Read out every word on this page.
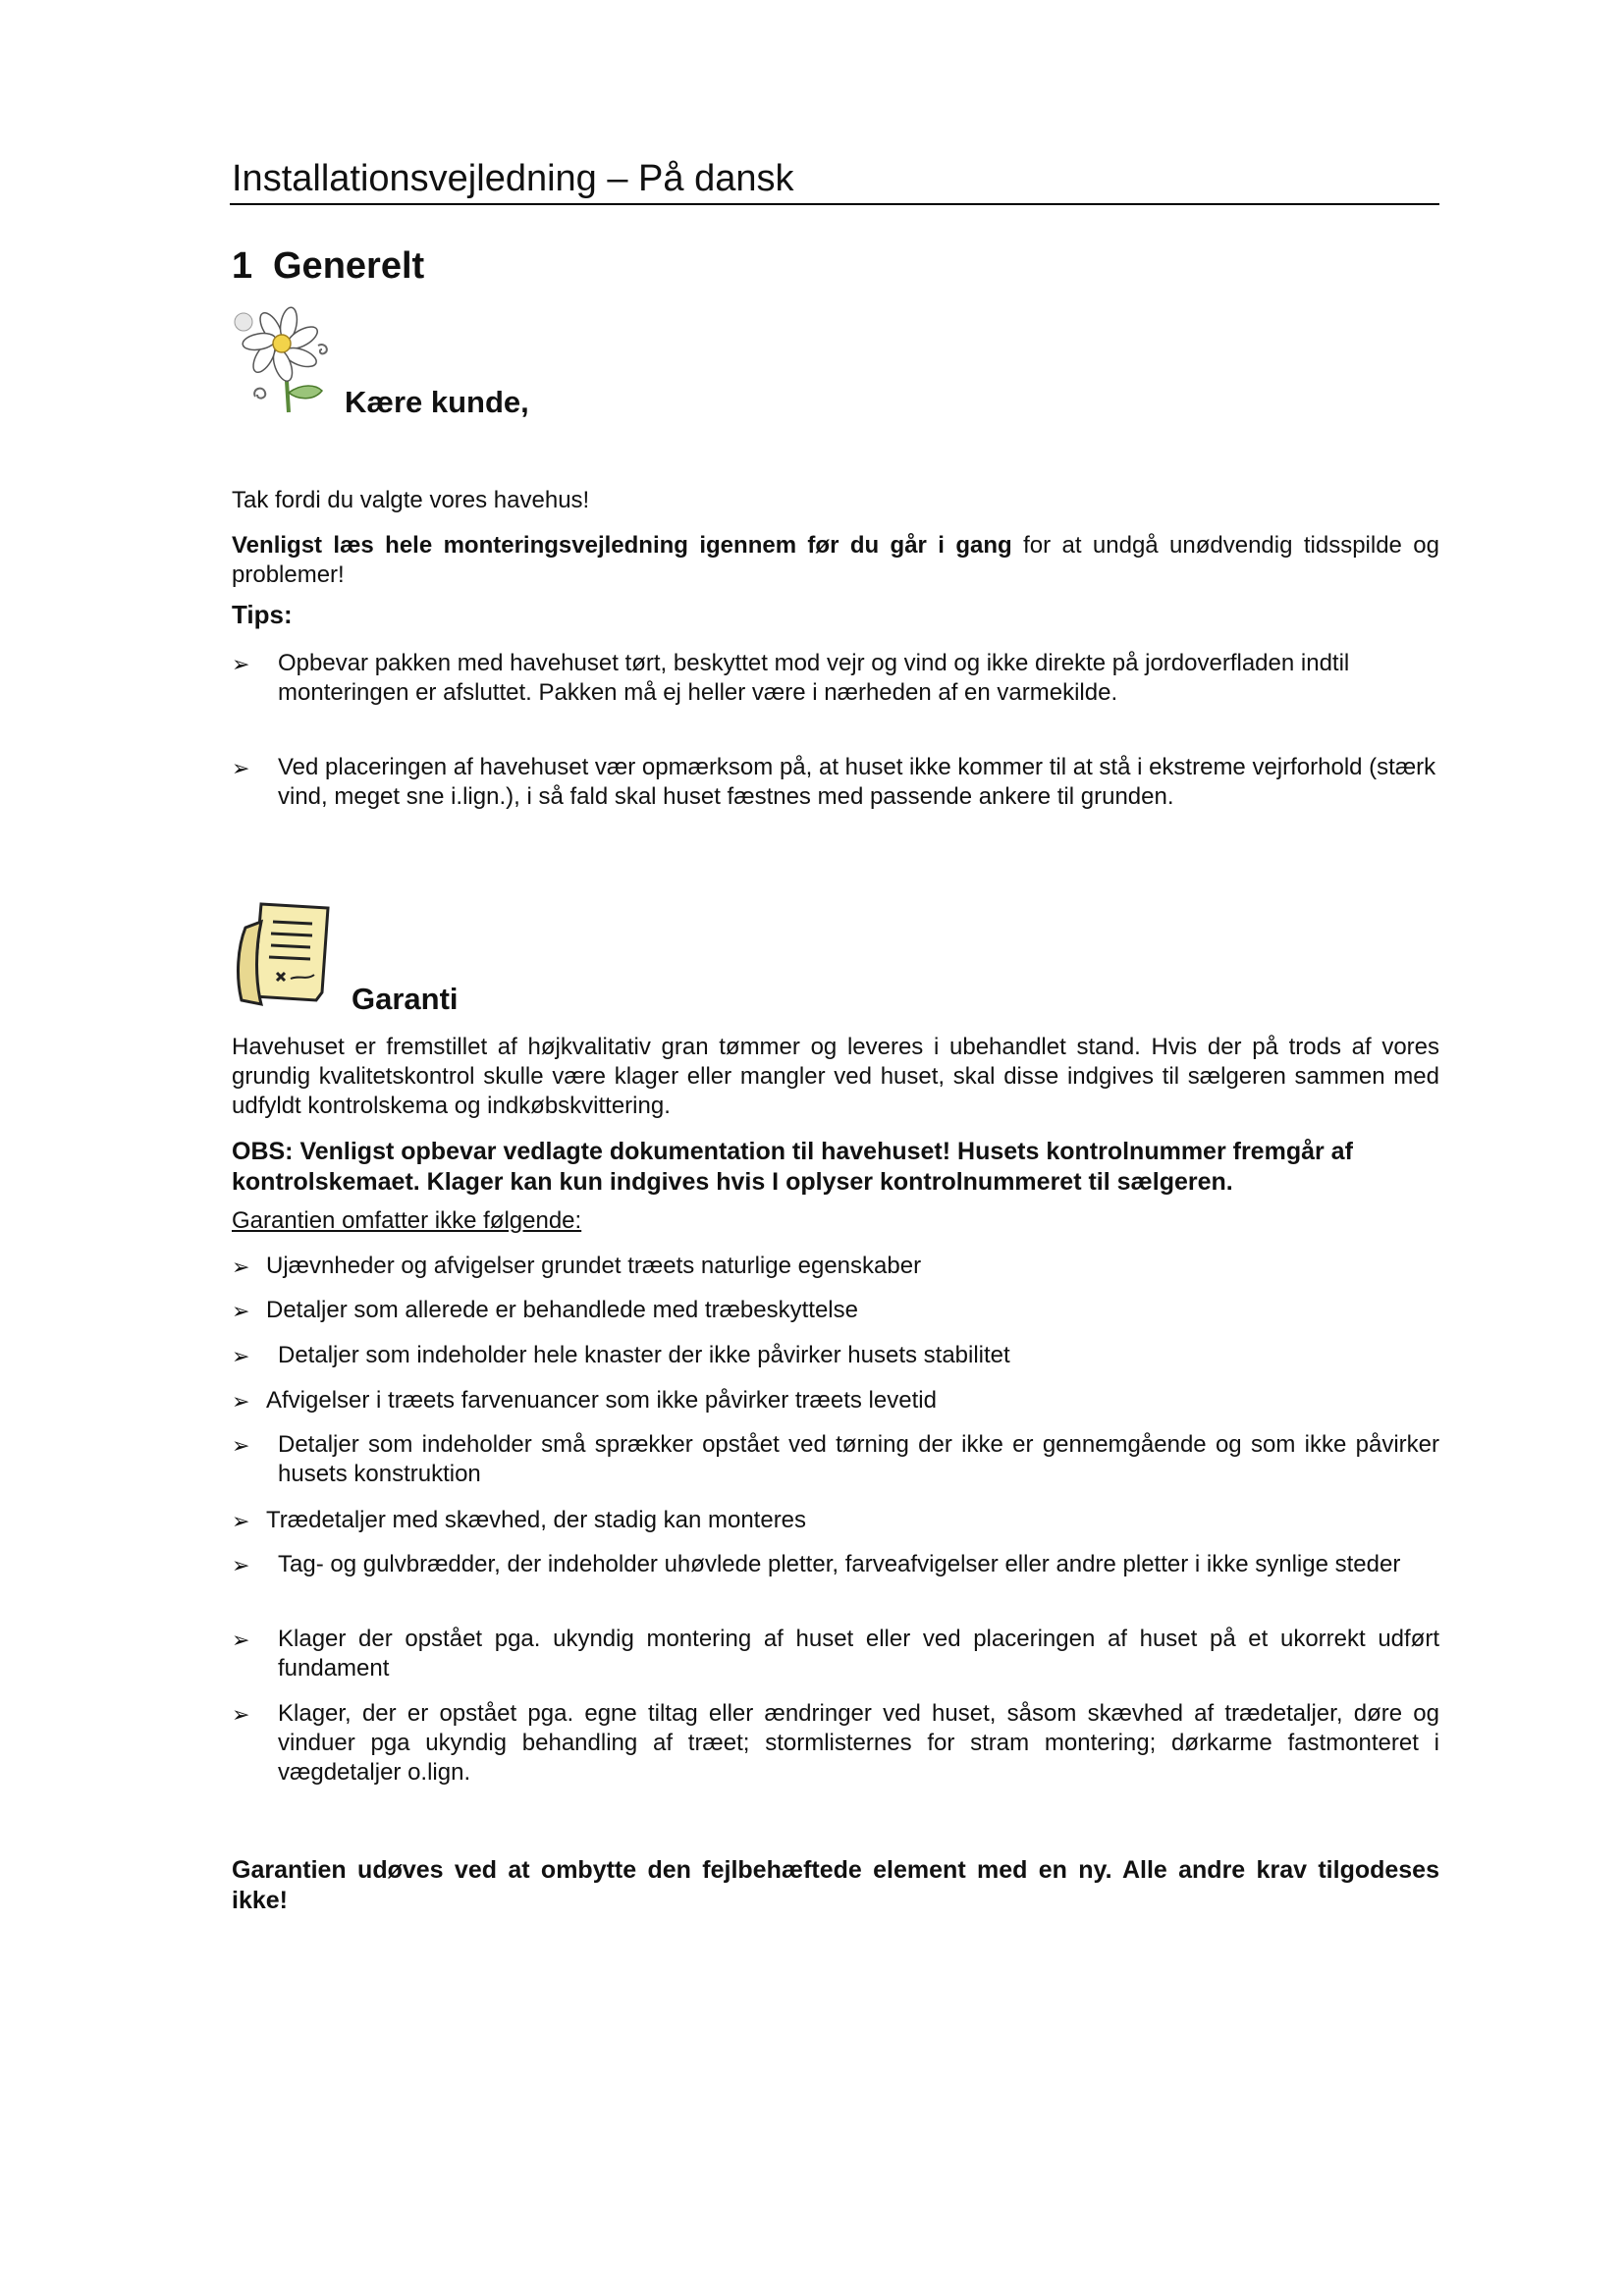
Installationsvejledning – På dansk
1 Generelt
Kære kunde,

Tak fordi du valgte vores havehus!

Venligst læs hele monteringsvejledning igennem før du går i gang for at undgå unødvendig tidsspilde og problemer!

Tips:
➢ Opbevar pakken med havehuset tørt, beskyttet mod vejr og vind og ikke direkte på jordoverfladen indtil monteringen er afsluttet. Pakken må ej heller være i nærheden af en varmekilde.

➢ Ved placeringen af havehuset vær opmærksom på, at huset ikke kommer til at stå i ekstreme vejrforhold (stærk vind, meget sne i.lign.), i så fald skal huset fæstnes med passende ankere til grunden.

Garanti

Havehuset er fremstillet af højkvalitativ gran tømmer og leveres i ubehandlet stand. Hvis der på trods af vores grundig kvalitetskontrol skulle være klager eller mangler ved huset, skal disse indgives til sælgeren sammen med udfyldt kontrolskema og indkøbskvittering.

OBS: Venligst opbevar vedlagte dokumentation til havehuset! Husets kontrolnummer fremgår af kontrolskemaet. Klager kan kun indgives hvis I oplyser kontrolnummeret til sælgeren.

Garantien omfatter ikke følgende:
➢ Ujævnheder og afvigelser grundet træets naturlige egenskaber

➢ Detaljer som allerede er behandlede med træbeskyttelse

➢ Detaljer som indeholder hele knaster der ikke påvirker husets stabilitet

➢ Afvigelser i træets farvenuancer som ikke påvirker træets levetid

➢ Detaljer som indeholder små sprækker opstået ved tørning der ikke er gennemgående og som ikke påvirker husets konstruktion

➢ Trædetaljer med skævhed, der stadig kan monteres

➢ Tag- og gulvbrædder, der indeholder uhøvlede pletter, farveafvigelser eller andre pletter i ikke synlige steder

➢ Klager der opstået pga. ukyndig montering af huset eller ved placeringen af huset på et ukorrekt udført fundament

➢ Klager, der er opstået pga. egne tiltag eller ændringer ved huset, såsom skævhed af trædetaljer, døre og vinduer pga ukyndig behandling af træet; stormlisternes for stram montering; dørkarme fastmonteret i vægdetaljer o.lign.

Garantien udøves ved at ombytte den fejlbehæftede element med en ny. Alle andre krav tilgodeses ikke!
